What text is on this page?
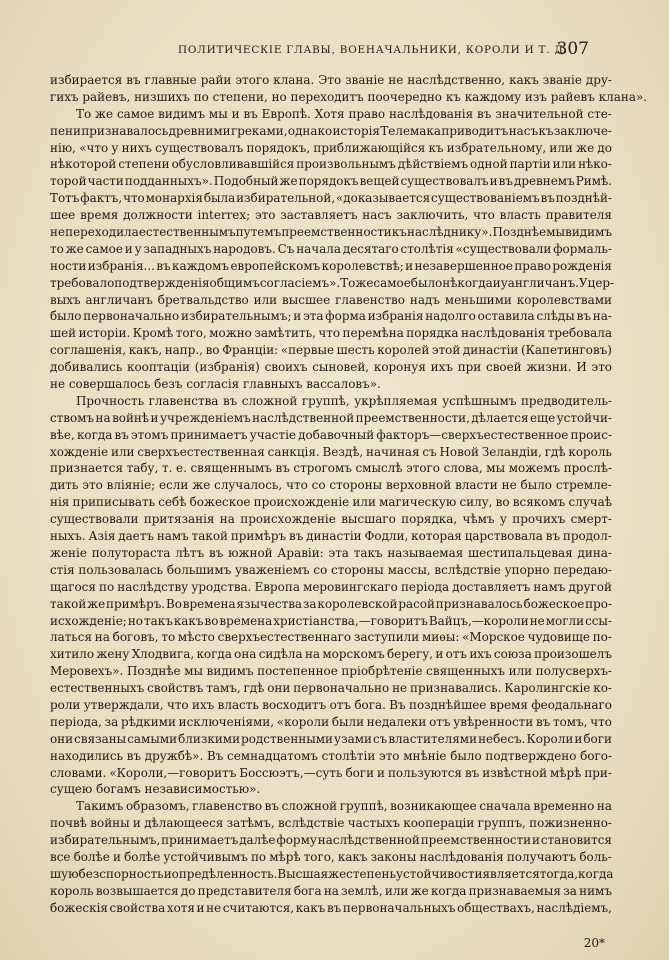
ПОЛИТИЧЕСКІЕ ГЛАВЫ, ВОЕНАЧАЛЬНИКИ, КОРОЛИ И Т. Д.
307
избирается въ главные райи этого клана. Это званіе не наслѣдственно, какъ званіе дру-
гихъ райевъ, низшихъ по степени, но переходитъ поочередно къ каждому изъ райевъ клана».
То же самое видимъ мы и въ Европѣ. Хотя право наслѣдованія въ значительной сте-
пени признавалось древними греками, однако исторія Телемака приводитъ насъ къ заключе-
нію, «что у нихъ существовалъ порядокъ, приближающійся къ избрательному, или же до
нѣкоторой степени обусловливавшійся произвольнымъ дѣйствіемъ одной партіи или нѣко-
торой части подданныхъ». Подобный же порядокъ вещей существовалъ и въ древнемъ Римѣ.
Тотъ фактъ, что монархія была избирательной, «доказывается существованіемъ въ позднѣй-
шее время должности interrex; это заставляетъ насъ заключить, что власть правителя
не переходила естественнымъ путемъ преемственности къ наслѣднику». Позднѣе мы видимъ
то же самое и у западныхъ народовъ. Съ начала десятаго столѣтія «существовали формаль-
ности избранія... въ каждомъ европейскомъ королевствѣ; и незавершенное право рожденія
требовало подтвержденія общимъ согласіемъ». То же самое было нѣкогда и у англичанъ. У цер-
выхъ англичанъ бретвальдство или высшее главенство надъ меньшими королевствами
было первоначально избирательнымъ; и эта форма избранія надолго оставила слѣды въ на-
шей исторіи. Кромѣ того, можно замѣтить, что перемѣна порядка наслѣдованія требовала
соглашенія, какъ, напр., во Франціи: «первые шесть королей этой династіи (Капетинговъ)
добивались кооптаціи (избранія) своихъ сыновей, коронуя ихъ при своей жизни. И это
не совершалось безъ согласія главныхъ вассаловъ».
Прочность главенства въ сложной группѣ, укрѣпляемая успѣшнымъ предводитель-
ствомъ на войнѣ и учрежденіемъ наслѣдственной преемственности, дѣлается еще устойчи-
вѣе, когда въ этомъ принимаетъ участіе добавочный факторъ—сверхъестественное проис-
хожденіе или сверхъестественная санкція. Вездѣ, начиная съ Новой Зеландіи, гдѣ король
признается табу, т. е. священнымъ въ строгомъ смыслѣ этого слова, мы можемъ прослѣ-
дить это вліяніе; если же случалось, что со стороны верховной власти не было стремле-
нія приписывать себѣ божеское происхожденіе или магическую силу, во всякомъ случаѣ
существовали притязанія на происхожденіе высшаго порядка, чѣмъ у прочихъ смерт-
ныхъ. Азія даетъ намъ такой примѣръ въ династіи Фодли, которая царствовала въ продол-
женіе полутораста лѣтъ въ южной Аравіи: эта такъ называемая шестипальцевая дина-
стія пользовалась большимъ уваженіемъ со стороны массы, вслѣдствіе упорно передаю-
щагося по наслѣдству уродства. Европа меровингскаго періода доставляетъ намъ другой
такой же примѣръ. Во времена язычества за королевской расой признавалось божеское про-
исхожденіе; но такъ какъ во времена христіанства,—говоритъ Вайцъ,—короли не могли ссы-
латься на боговъ, то мѣсто сверхъестественнаго заступили миѳы: «Морское чудовище по-
хитило жену Хлодвига, когда она сидѣла на морскомъ берегу, и отъ ихъ союза произошелъ
Меровехъ». Позднѣе мы видимъ постепенное пріобрѣтеніе священныхъ или полусверхъ-
естественныхъ свойствъ тамъ, гдѣ они первоначально не признавались. Каролингскіе ко-
роли утверждали, что ихъ власть восходитъ отъ бога. Въ позднѣйшее время феодальнаго
періода, за рѣдкими исключеніями, «короли были недалеки отъ увѣренности въ томъ, что
они связаны самыми близкими родственными узами съ властителями небесъ. Короли и боги
находились въ дружбѣ». Въ семнадцатомъ столѣтіи это мнѣніе было подтверждено бого-
словами. «Короли,—говоритъ Боссюэтъ,—суть боги и пользуются въ извѣстной мѣрѣ при-
сущею богамъ независимостью».
Такимъ образомъ, главенство въ сложной группѣ, возникающее сначала временно на
почвѣ войны и дѣлающееся затѣмъ, вслѣдствіе частыхъ коопераціи группъ, пожизненно-
избирательнымъ, принимаетъ далѣе форму наслѣдственной преемственности и становится
все болѣе и болѣе устойчивымъ по мѣрѣ того, какъ законы наслѣдованія получаютъ боль-
шую безспорность и опредѣленность. Высшая же степень устойчивости является тогда, когда
король возвышается до представителя бога на землѣ, или же когда признаваемыя за нимъ
божескія свойства хотя и не считаются, какъ въ первоначальныхъ обществахъ, наслѣдіемъ,
20*
